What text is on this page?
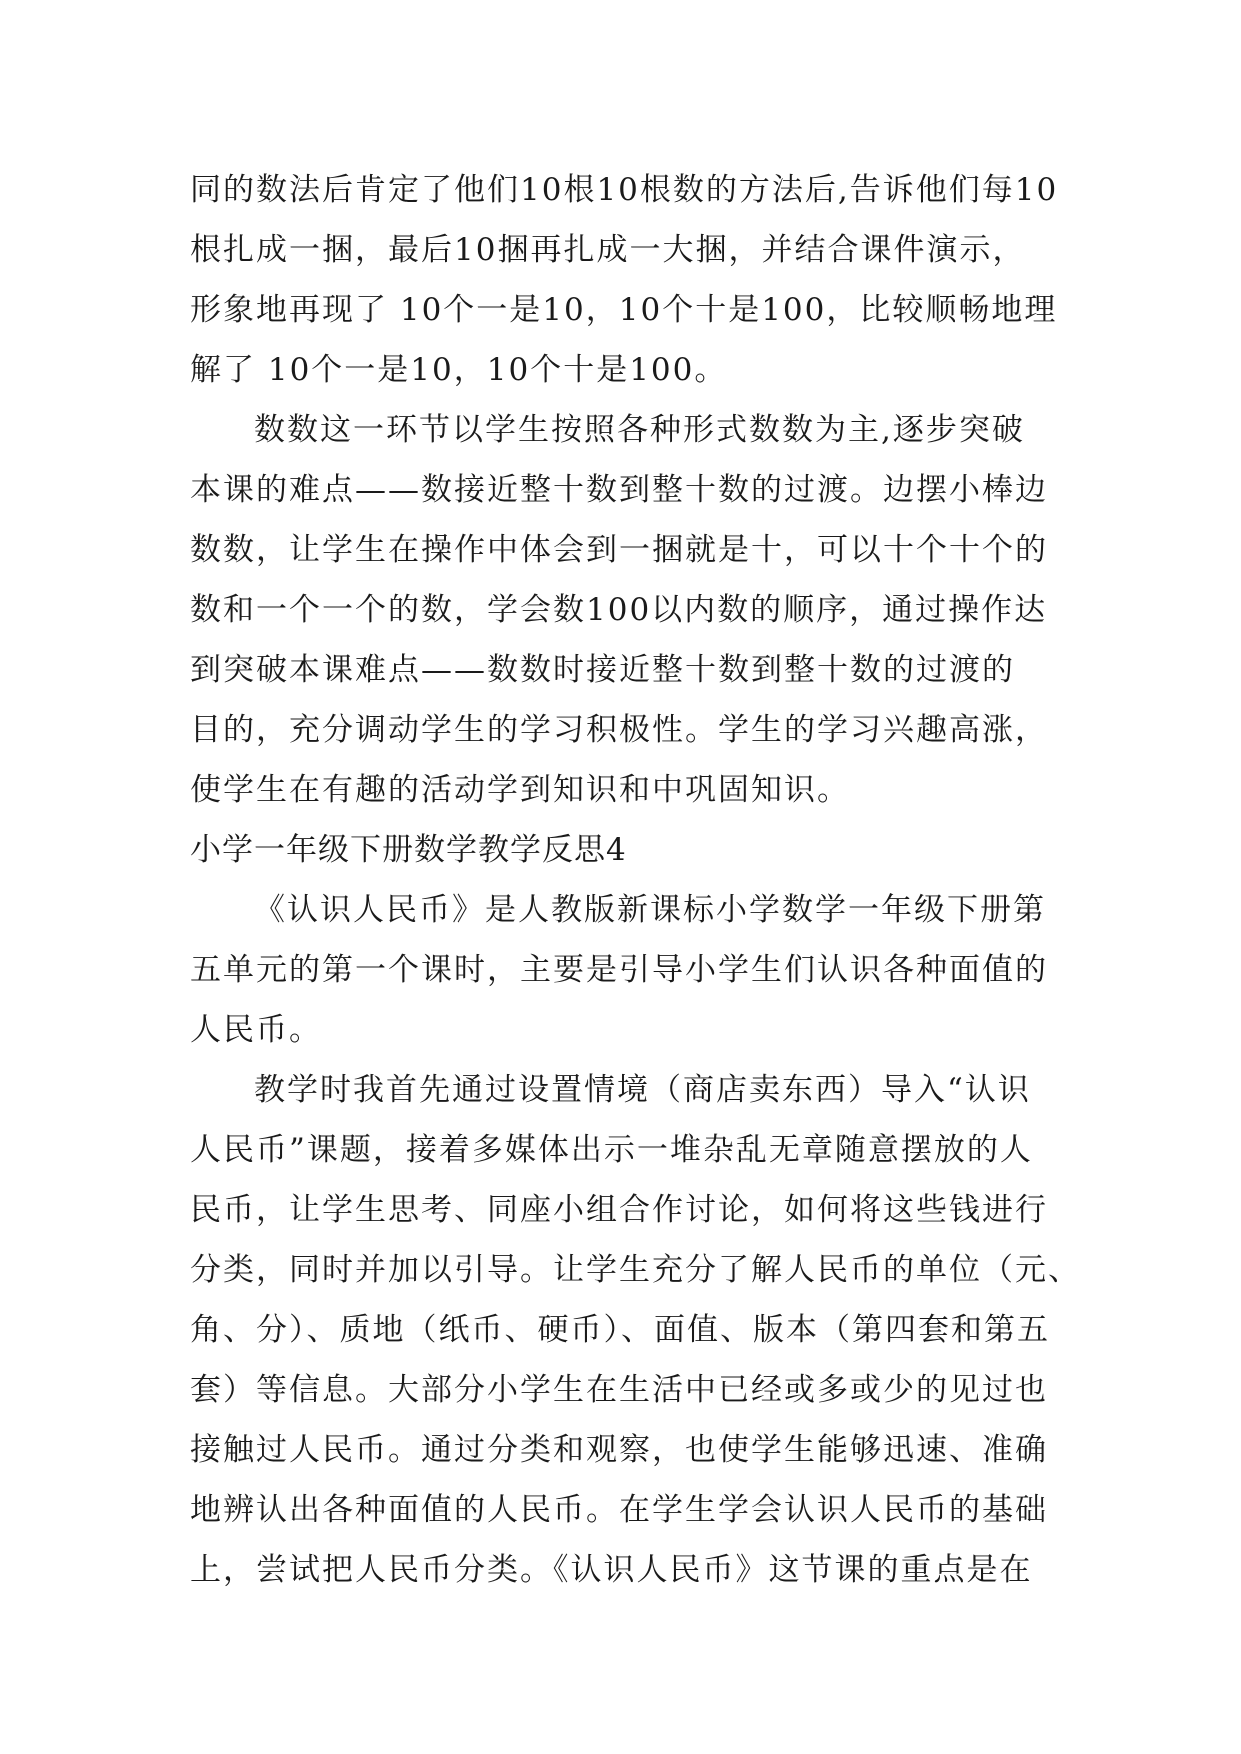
同的数法后肯定了他们10根10根数的方法后,告诉他们每10
根扎成一捆，最后10捆再扎成一大捆，并结合课件演示，
形象地再现了 10个一是10，10个十是100，比较顺畅地理
解了 10个一是10，10个十是100。
数数这一环节以学生按照各种形式数数为主,逐步突破
本课的难点——数接近整十数到整十数的过渡。边摆小棒边
数数，让学生在操作中体会到一捆就是十，可以十个十个的
数和一个一个的数，学会数100以内数的顺序，通过操作达
到突破本课难点——数数时接近整十数到整十数的过渡的
目的，充分调动学生的学习积极性。学生的学习兴趣高涨，
使学生在有趣的活动学到知识和中巩固知识。
小学一年级下册数学教学反思4
《认识人民币》是人教版新课标小学数学一年级下册第
五单元的第一个课时，主要是引导小学生们认识各种面值的
人民币。
教学时我首先通过设置情境（商店卖东西）导入“认识
人民币”课题，接着多媒体出示一堆杂乱无章随意摆放的人
民币，让学生思考、同座小组合作讨论，如何将这些钱进行
分类，同时并加以引导。让学生充分了解人民币的单位（元、
角、分）、质地（纸币、硬币）、面值、版本（第四套和第五
套）等信息。大部分小学生在生活中已经或多或少的见过也
接触过人民币。通过分类和观察，也使学生能够迅速、准确
地辨认出各种面值的人民币。在学生学会认识人民币的基础
上，尝试把人民币分类。《认识人民币》这节课的重点是在
